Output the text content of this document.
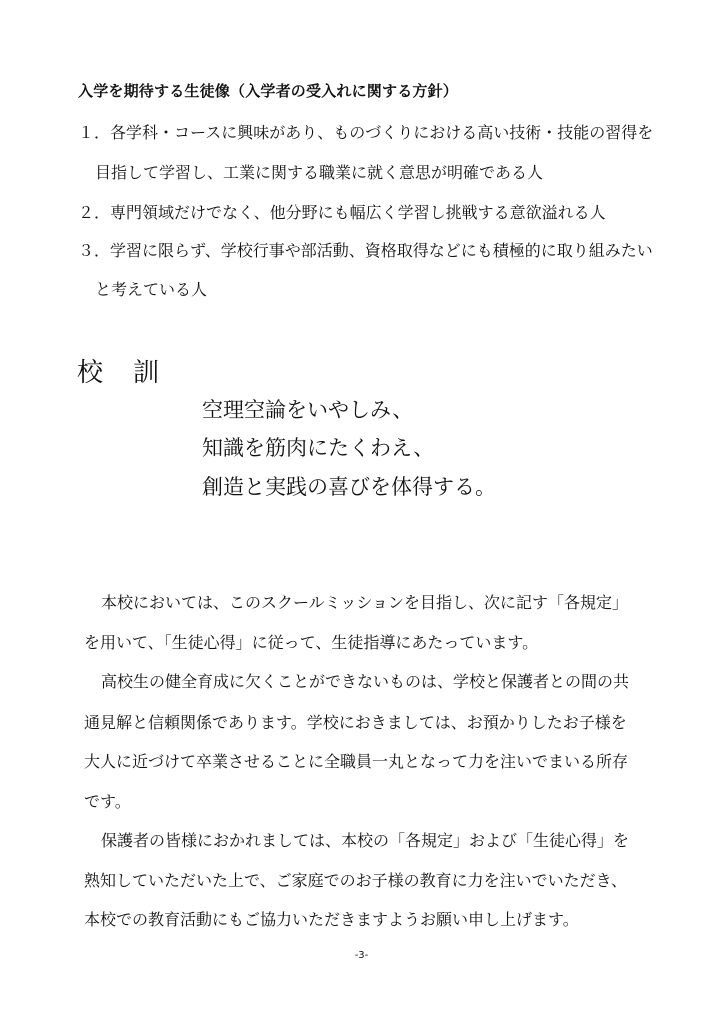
入学を期待する生徒像（入学者の受入れに関する方針）
１．各学科・コースに興味があり、ものづくりにおける高い技術・技能の習得を
目指して学習し、工業に関する職業に就く意思が明確である人
２．専門領域だけでなく、他分野にも幅広く学習し挑戦する意欲溢れる人
３．学習に限らず、学校行事や部活動、資格取得などにも積極的に取り組みたい
と考えている人
校　訓
空理空論をいやしみ、
知識を筋肉にたくわえ、
創造と実践の喜びを体得する。
本校においては、このスクールミッションを目指し、次に記す「各規定」
を用いて、「生徒心得」に従って、生徒指導にあたっています。
高校生の健全育成に欠くことができないものは、学校と保護者との間の共
通見解と信頼関係であります。学校におきましては、お預かりしたお子様を
大人に近づけて卒業させることに全職員一丸となって力を注いでまいる所存
です。
保護者の皆様におかれましては、本校の「各規定」および「生徒心得」を
熟知していただいた上で、ご家庭でのお子様の教育に力を注いでいただき、
本校での教育活動にもご協力いただきますようお願い申し上げます。
-3-
